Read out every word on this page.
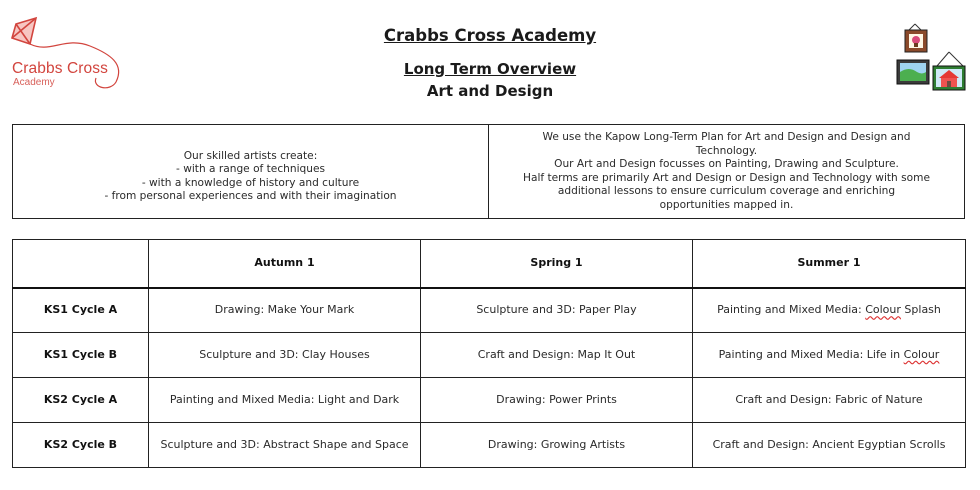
Crabbs Cross
Academy
Crabbs Cross Academy
Long Term Overview
Art and Design
Our skilled artists create:
- with a range of techniques
- with a knowledge of history and culture
- from personal experiences and with their imagination
We use the Kapow Long-Term Plan for Art and Design and Design and
Technology.
Our Art and Design focusses on Painting, Drawing and Sculpture.
Half terms are primarily Art and Design or Design and Technology with some
additional lessons to ensure curriculum coverage and enriching
opportunities mapped in.
	Autumn 1	Spring 1	Summer 1
KS1 Cycle A	Drawing: Make Your Mark	Sculpture and 3D: Paper Play	Painting and Mixed Media: Colour Splash
KS1 Cycle B	Sculpture and 3D: Clay Houses	Craft and Design: Map It Out	Painting and Mixed Media: Life in Colour
KS2 Cycle A	Painting and Mixed Media: Light and Dark	Drawing: Power Prints	Craft and Design: Fabric of Nature
KS2 Cycle B	Sculpture and 3D: Abstract Shape and Space	Drawing: Growing Artists	Craft and Design: Ancient Egyptian Scrolls
